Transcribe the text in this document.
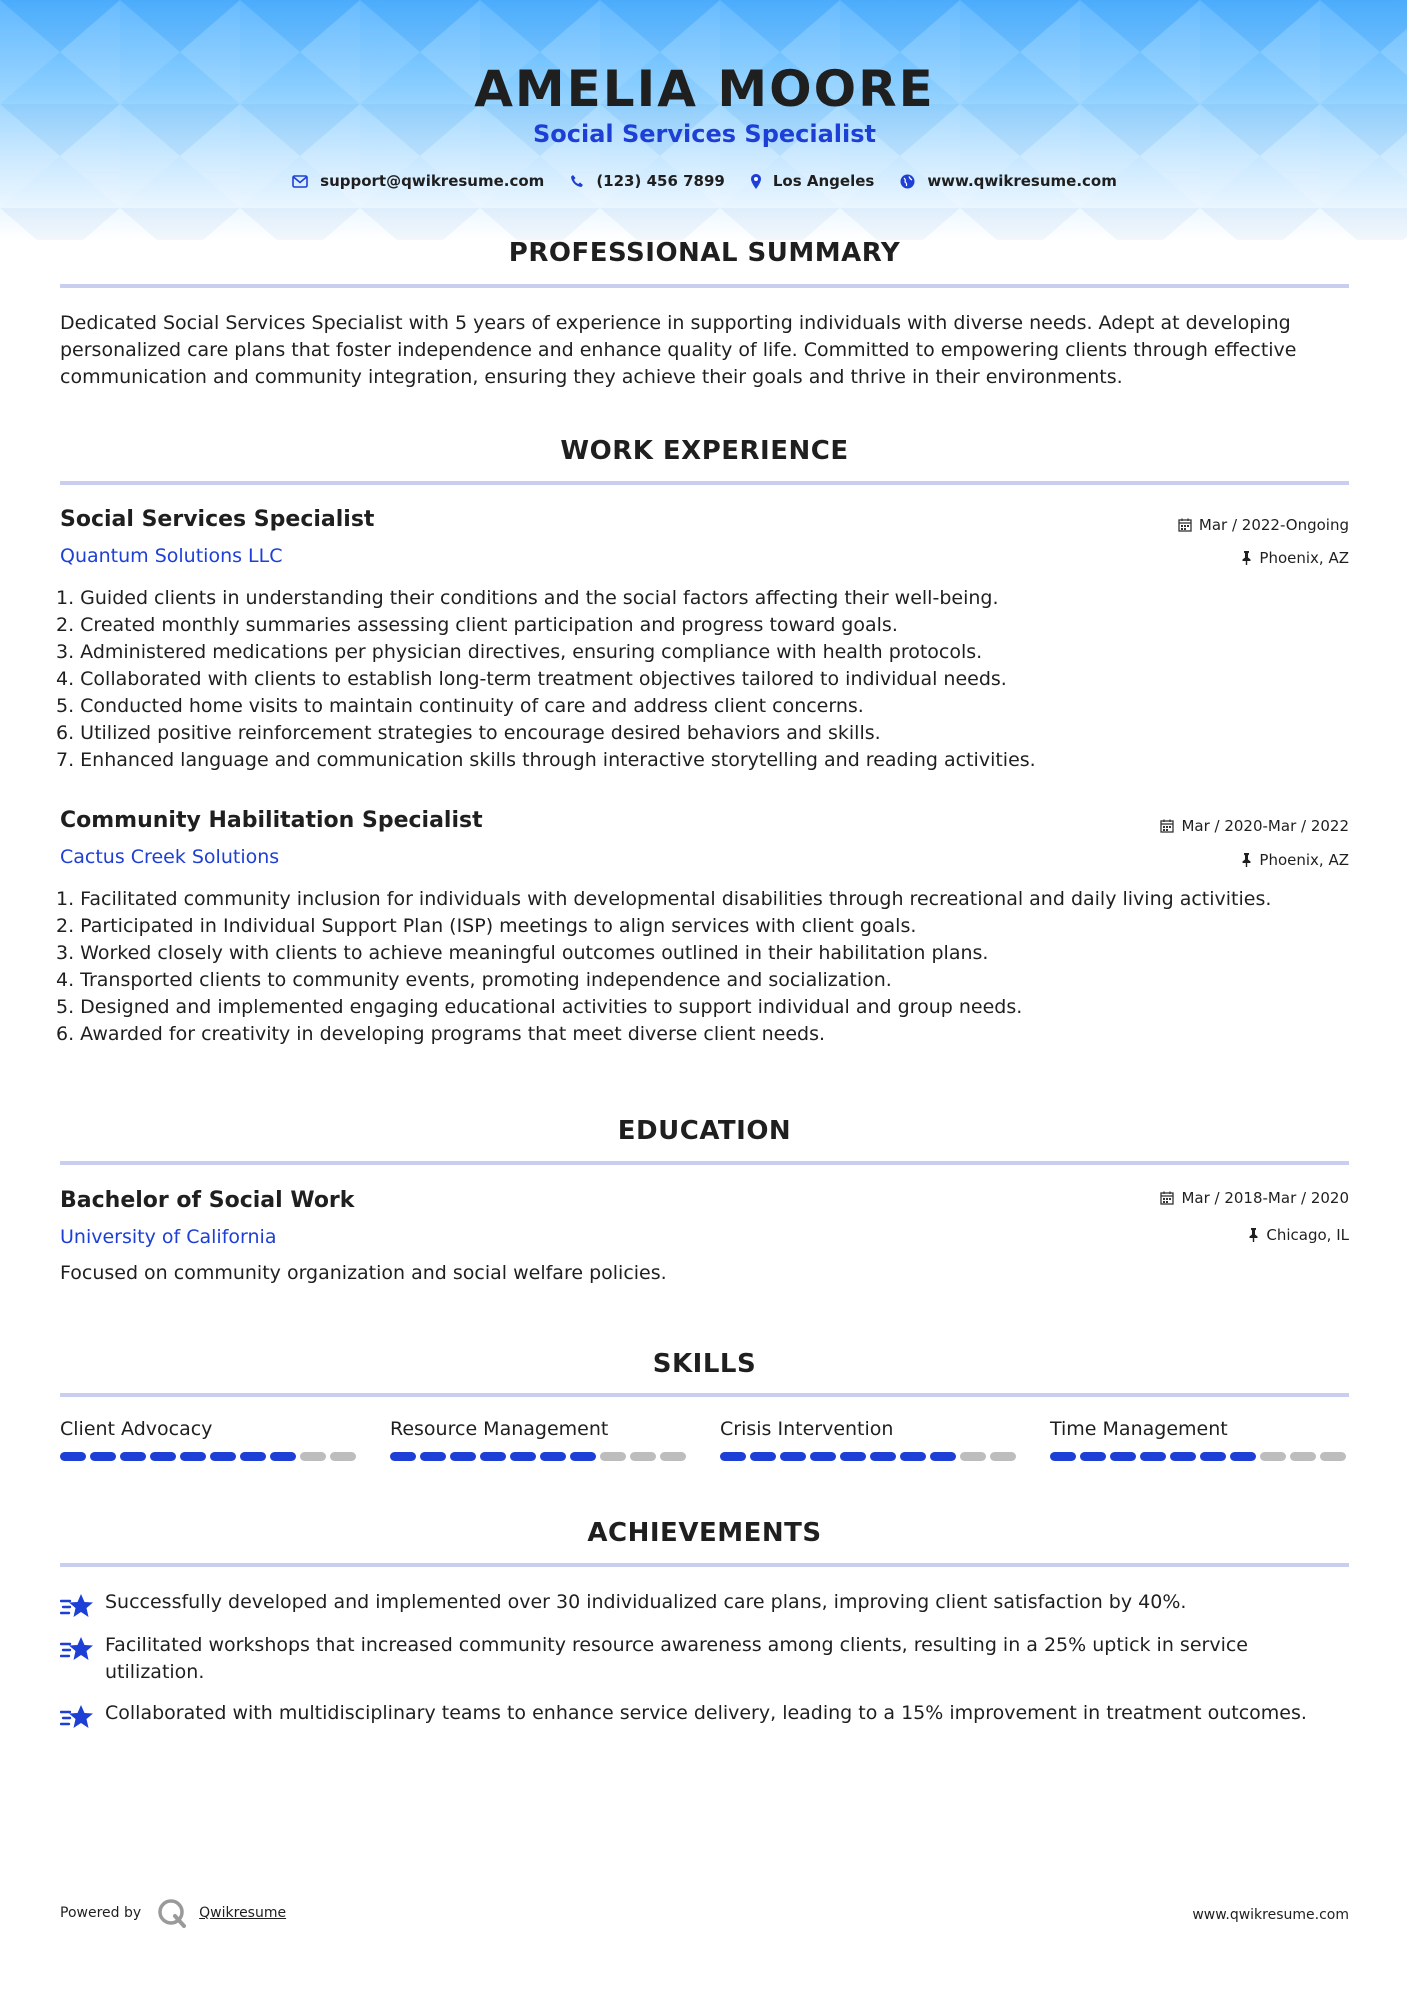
AMELIA MOORE
Social Services Specialist
support@qwikresume.com	(123) 456 7899	Los Angeles	www.qwikresume.com
PROFESSIONAL SUMMARY
Dedicated Social Services Specialist with 5 years of experience in supporting individuals with diverse needs. Adept at developing personalized care plans that foster independence and enhance quality of life. Committed to empowering clients through effective communication and community integration, ensuring they achieve their goals and thrive in their environments.
WORK EXPERIENCE
Social Services Specialist	Mar / 2022-Ongoing
Quantum Solutions LLC	Phoenix, AZ
1. Guided clients in understanding their conditions and the social factors affecting their well-being.
2. Created monthly summaries assessing client participation and progress toward goals.
3. Administered medications per physician directives, ensuring compliance with health protocols.
4. Collaborated with clients to establish long-term treatment objectives tailored to individual needs.
5. Conducted home visits to maintain continuity of care and address client concerns.
6. Utilized positive reinforcement strategies to encourage desired behaviors and skills.
7. Enhanced language and communication skills through interactive storytelling and reading activities.
Community Habilitation Specialist	Mar / 2020-Mar / 2022
Cactus Creek Solutions	Phoenix, AZ
1. Facilitated community inclusion for individuals with developmental disabilities through recreational and daily living activities.
2. Participated in Individual Support Plan (ISP) meetings to align services with client goals.
3. Worked closely with clients to achieve meaningful outcomes outlined in their habilitation plans.
4. Transported clients to community events, promoting independence and socialization.
5. Designed and implemented engaging educational activities to support individual and group needs.
6. Awarded for creativity in developing programs that meet diverse client needs.
EDUCATION
Bachelor of Social Work	Mar / 2018-Mar / 2020
University of California	Chicago, IL
Focused on community organization and social welfare policies.
SKILLS
Client Advocacy	Resource Management	Crisis Intervention	Time Management
ACHIEVEMENTS
Successfully developed and implemented over 30 individualized care plans, improving client satisfaction by 40%.
Facilitated workshops that increased community resource awareness among clients, resulting in a 25% uptick in service utilization.
Collaborated with multidisciplinary teams to enhance service delivery, leading to a 15% improvement in treatment outcomes.
Powered by	Qwikresume	www.qwikresume.com
